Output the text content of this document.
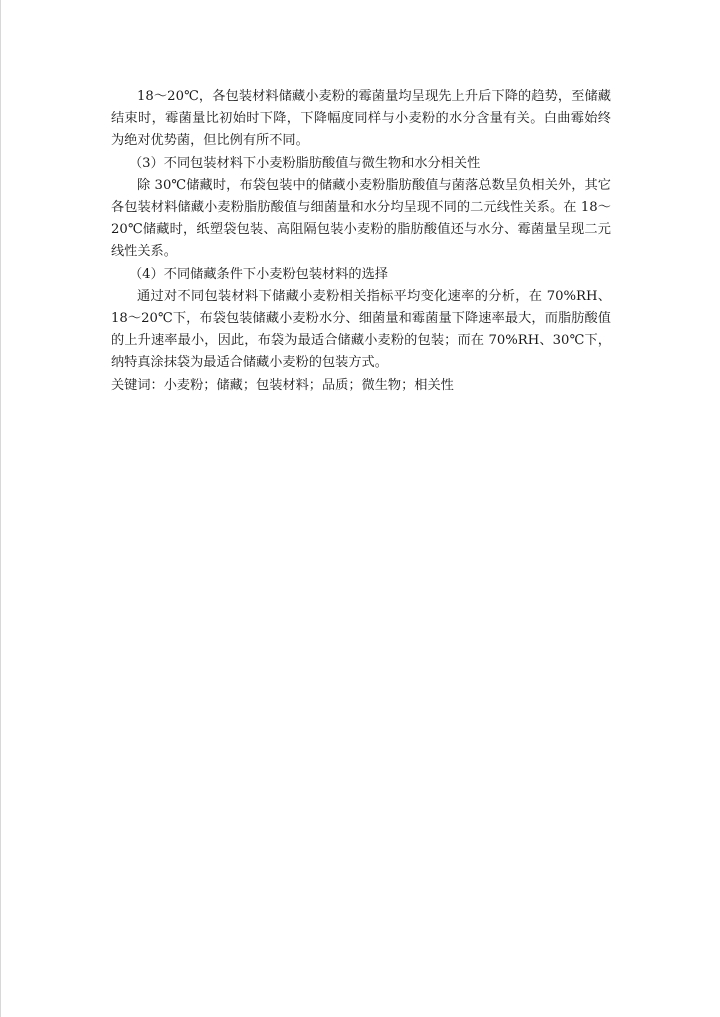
18～20℃，各包装材料储藏小麦粉的霉菌量均呈现先上升后下降的趋势，至储藏结束时，霉菌量比初始时下降，下降幅度同样与小麦粉的水分含量有关。白曲霉始终为绝对优势菌，但比例有所不同。

（3）不同包装材料下小麦粉脂肪酸值与微生物和水分相关性

除 30℃储藏时，布袋包装中的储藏小麦粉脂肪酸值与菌落总数呈负相关外，其它各包装材料储藏小麦粉脂肪酸值与细菌量和水分均呈现不同的二元线性关系。在 18～20℃储藏时，纸塑袋包装、高阻隔包装小麦粉的脂肪酸值还与水分、霉菌量呈现二元线性关系。

（4）不同储藏条件下小麦粉包装材料的选择

通过对不同包装材料下储藏小麦粉相关指标平均变化速率的分析，在 70%RH、18～20℃下，布袋包装储藏小麦粉水分、细菌量和霉菌量下降速率最大，而脂肪酸值的上升速率最小，因此，布袋为最适合储藏小麦粉的包装；而在 70%RH、30℃下，纳特真涂抹袋为最适合储藏小麦粉的包装方式。

关键词：小麦粉；储藏；包装材料；品质；微生物；相关性
